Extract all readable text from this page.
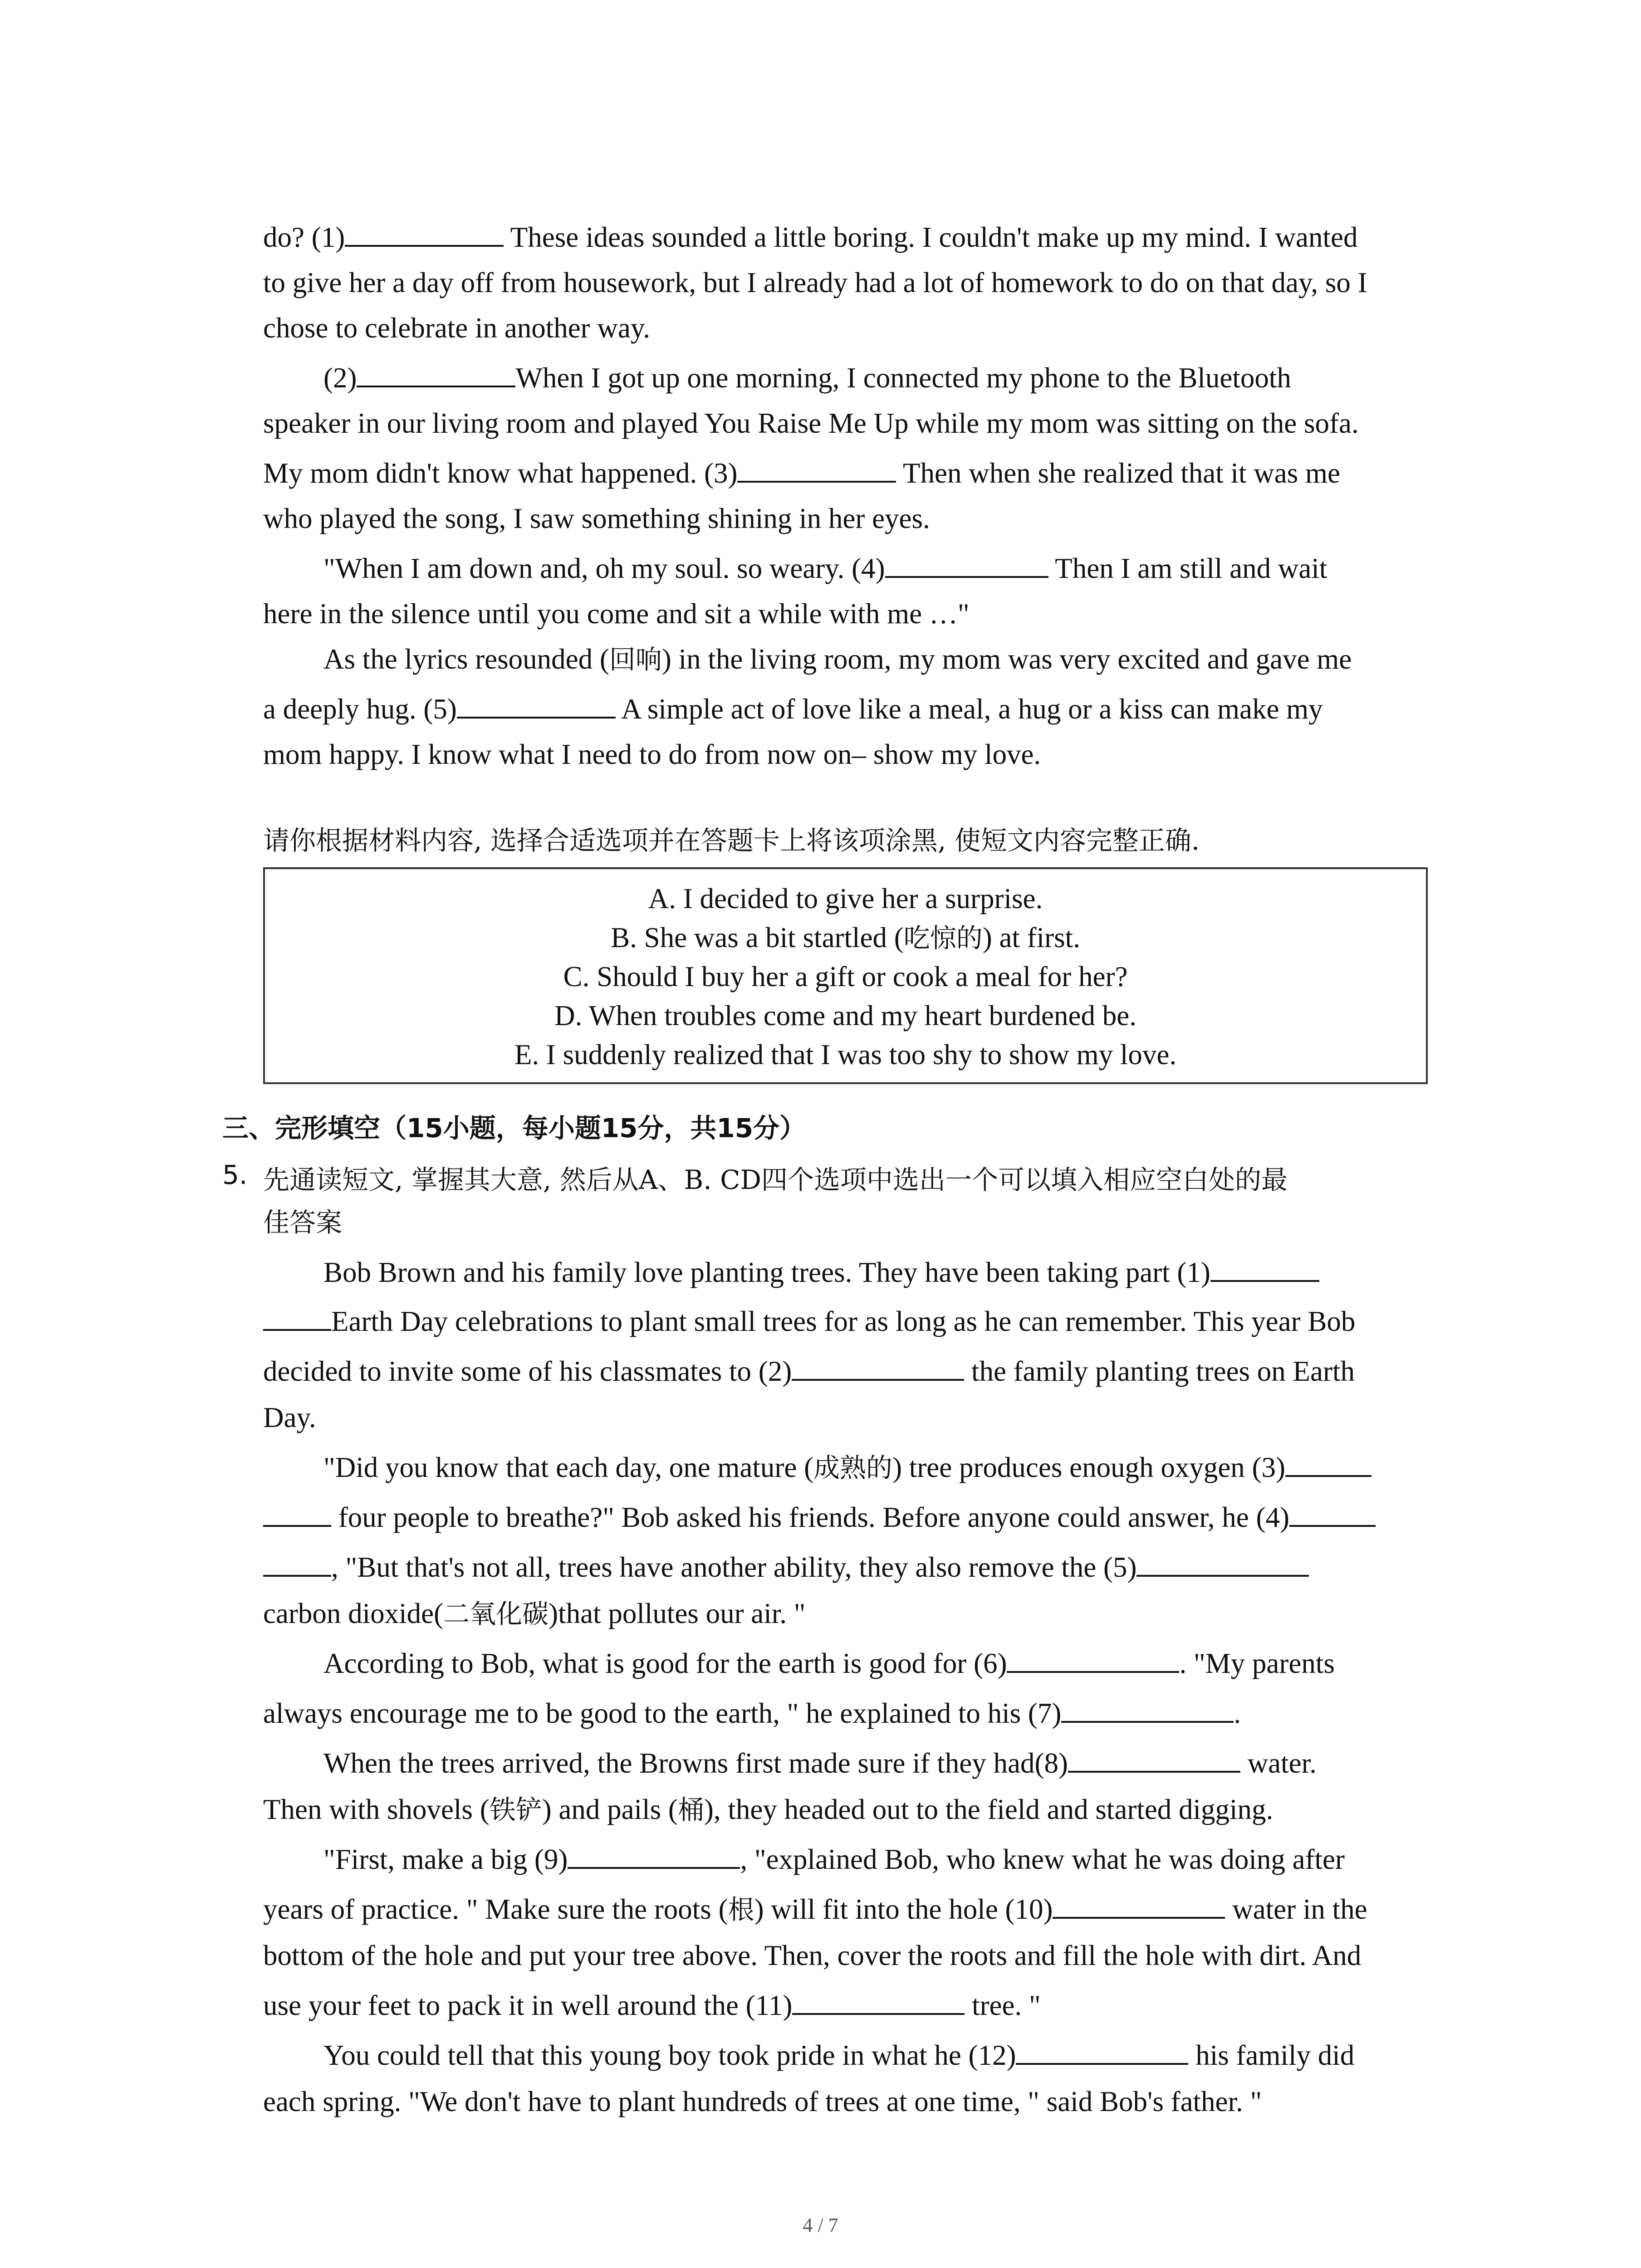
do? (1)	These ideas sounded a little boring. I couldn't make up my mind. I wanted
to give her a day off from housework, but I already had a lot of homework to do on that day, so I
chose to celebrate in another way.
(2)	When I got up one morning, I connected my phone to the Bluetooth
speaker in our living room and played You Raise Me Up while my mom was sitting on the sofa.
My mom didn't know what happened. (3)	Then when she realized that it was me
who played the song, I saw something shining in her eyes.
"When I am down and, oh my soul. so weary. (4)	Then I am still and wait
here in the silence until you come and sit a while with me …"
As the lyrics resounded (回响) in the living room, my mom was very excited and gave me
a deeply hug. (5)	A simple act of love like a meal, a hug or a kiss can make my
mom happy. I know what I need to do from now on– show my love.
请你根据材料内容, 选择合适选项并在答题卡上将该项涂黑, 使短文内容完整正确.
A. I decided to give her a surprise.
B. She was a bit startled (吃惊的) at first.
C. Should I buy her a gift or cook a meal for her?
D. When troubles come and my heart burdened be.
E. I suddenly realized that I was too shy to show my love.
三、完形填空（15小题，每小题15分，共15分）
5. 先通读短文, 掌握其大意, 然后从A、B. CD四个选项中选出一个可以填入相应空白处的最
佳答案
Bob Brown and his family love planting trees. They have been taking part (1)
Earth Day celebrations to plant small trees for as long as he can remember. This year Bob
decided to invite some of his classmates to (2)	the family planting trees on Earth
Day.
"Did you know that each day, one mature (成熟的) tree produces enough oxygen (3)
four people to breathe?" Bob asked his friends. Before anyone could answer, he (4)
, "But that's not all, trees have another ability, they also remove the (5)
carbon dioxide(二氧化碳)that pollutes our air. "
According to Bob, what is good for the earth is good for (6)	. "My parents
always encourage me to be good to the earth, " he explained to his (7)	.
When the trees arrived, the Browns first made sure if they had(8)	water.
Then with shovels (铁铲) and pails (桶), they headed out to the field and started digging.
"First, make a big (9)	, "explained Bob, who knew what he was doing after
years of practice. " Make sure the roots (根) will fit into the hole (10)	water in the
bottom of the hole and put your tree above. Then, cover the roots and fill the hole with dirt. And
use your feet to pack it in well around the (11)	tree. "
You could tell that this young boy took pride in what he (12)	his family did
each spring. "We don't have to plant hundreds of trees at one time, " said Bob's father. "
4 / 7
